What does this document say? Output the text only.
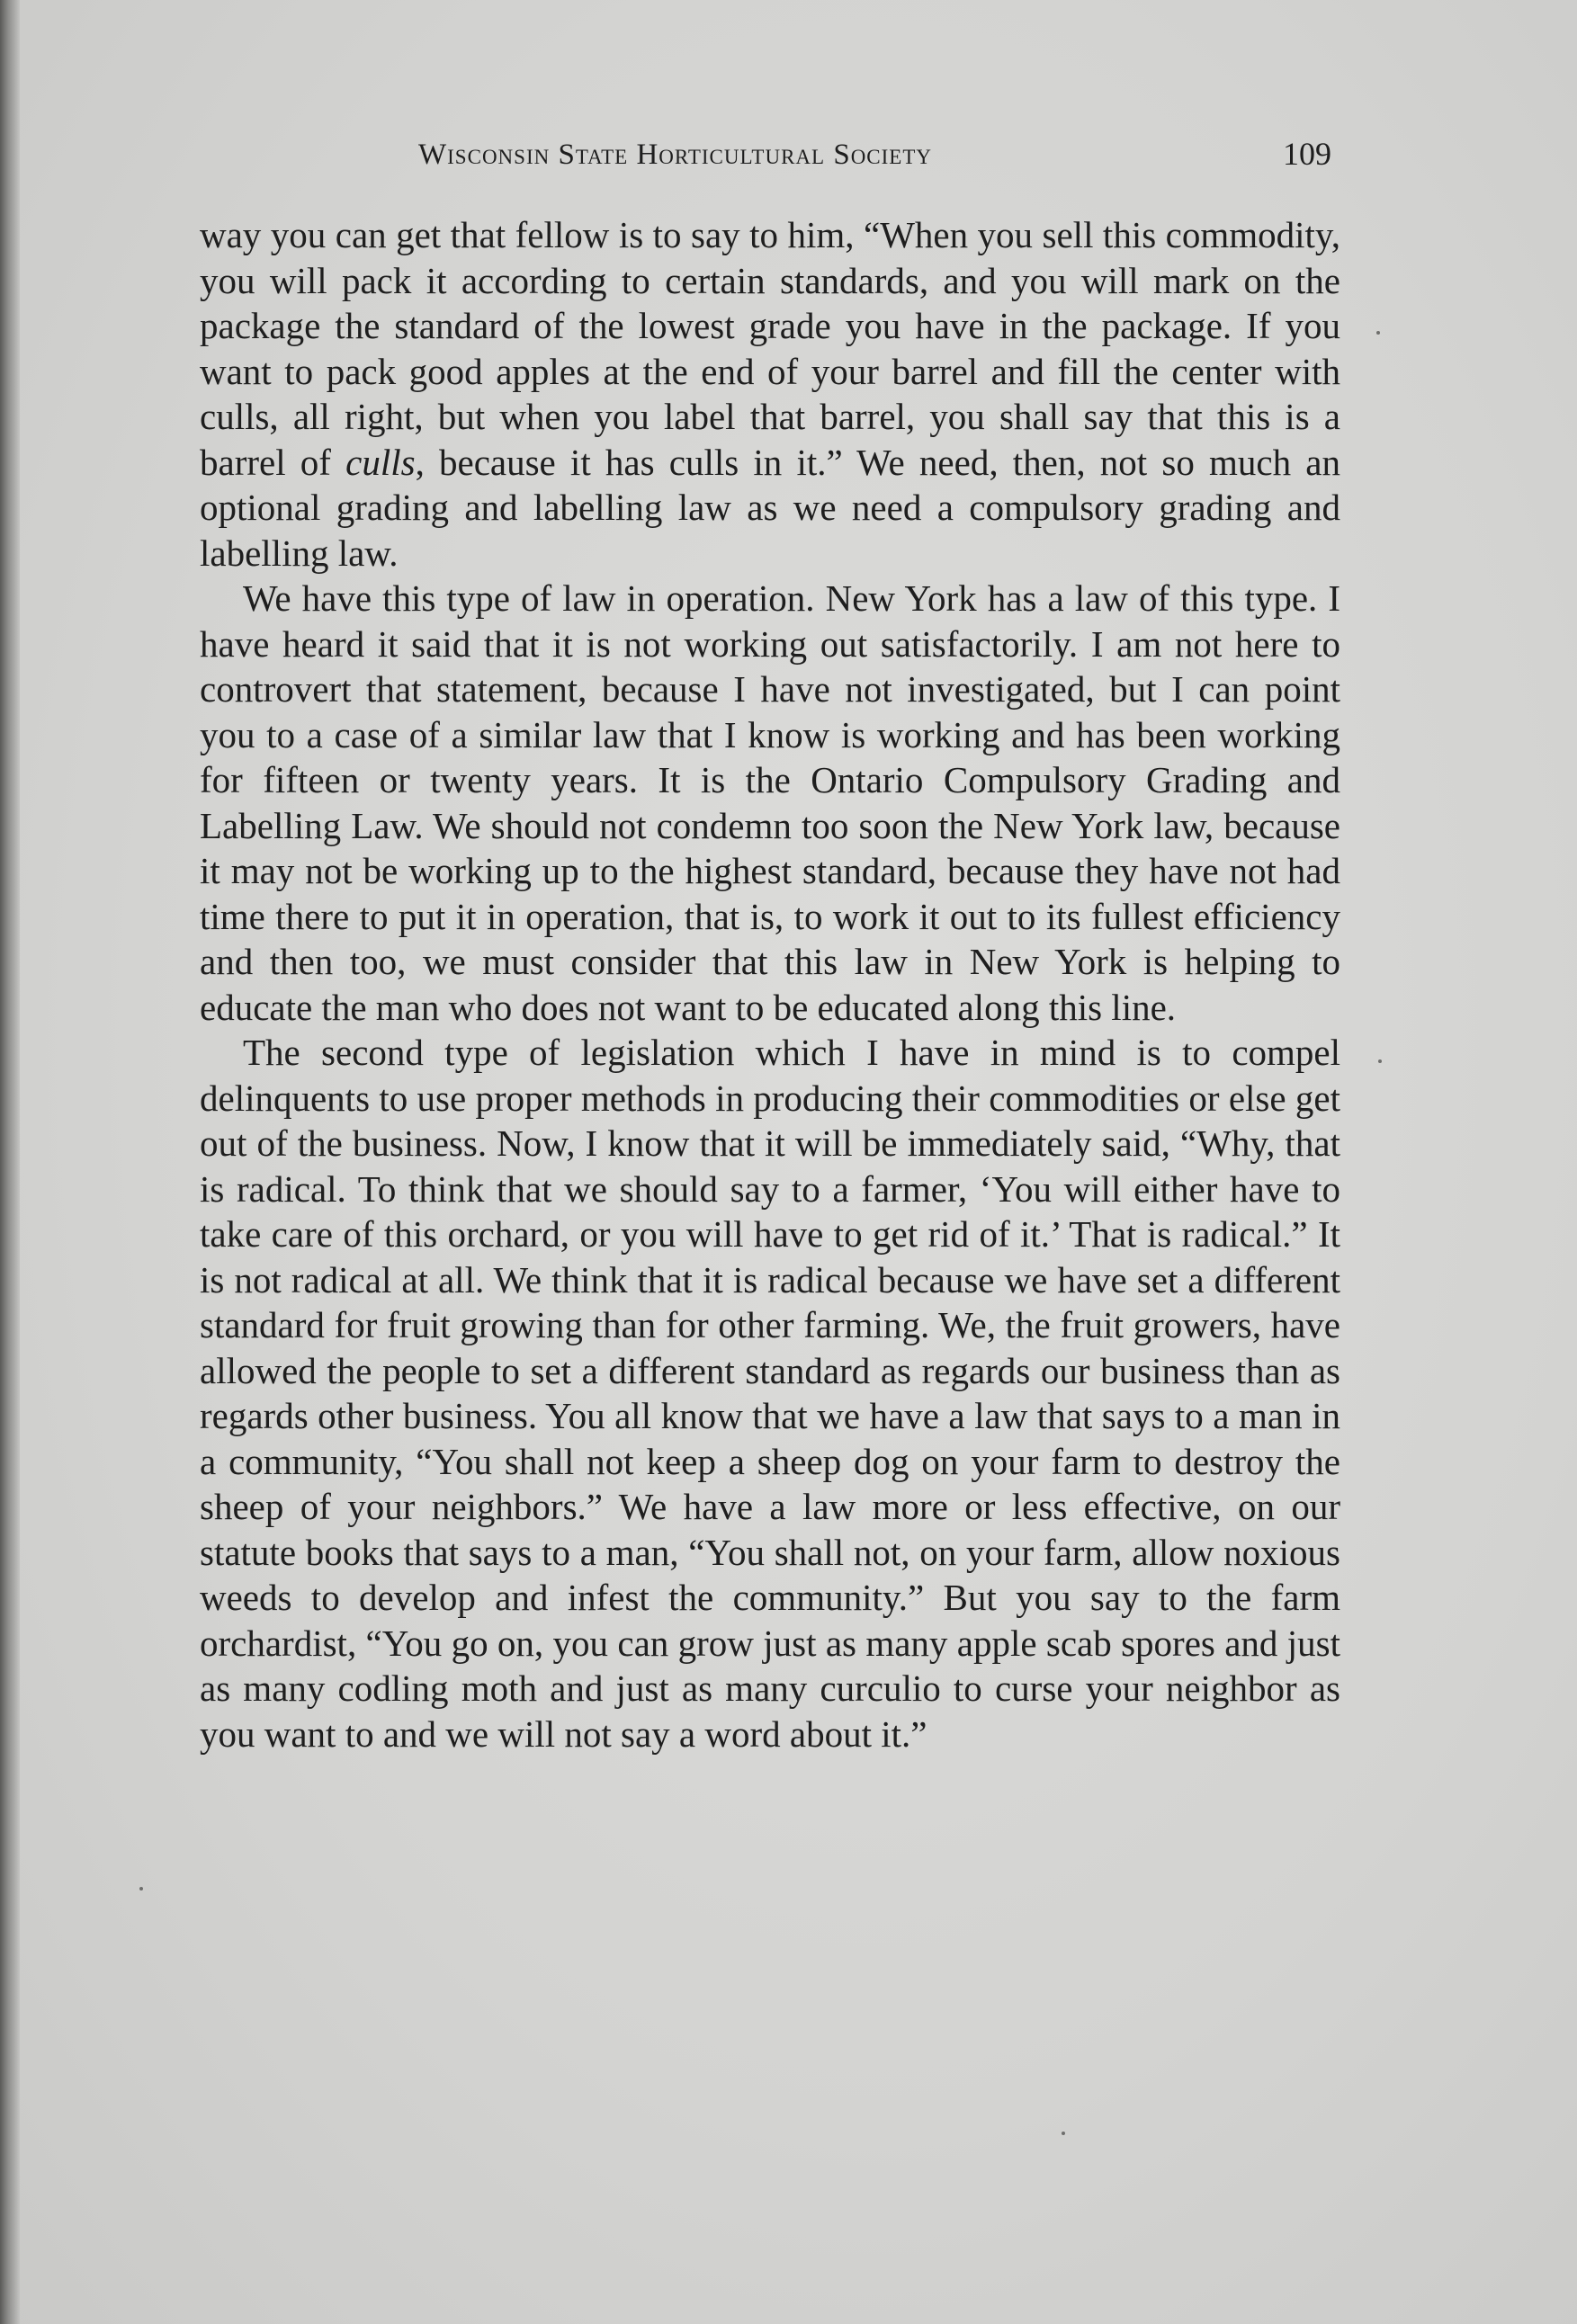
Wisconsin State Horticultural Society	109

way you can get that fellow is to say to him, “When you sell this commodity, you will pack it according to certain standards, and you will mark on the package the standard of the lowest grade you have in the package. If you want to pack good apples at the end of your barrel and fill the center with culls, all right, but when you label that barrel, you shall say that this is a barrel of culls, because it has culls in it.” We need, then, not so much an optional grading and labelling law as we need a compulsory grading and labelling law.

We have this type of law in operation. New York has a law of this type. I have heard it said that it is not working out satisfactorily. I am not here to controvert that statement, because I have not investigated, but I can point you to a case of a similar law that I know is working and has been working for fifteen or twenty years. It is the Ontario Compulsory Grading and Labelling Law. We should not condemn too soon the New York law, because it may not be working up to the highest standard, because they have not had time there to put it in operation, that is, to work it out to its fullest efficiency and then too, we must consider that this law in New York is helping to educate the man who does not want to be educated along this line.

The second type of legislation which I have in mind is to compel delinquents to use proper methods in producing their commodities or else get out of the business. Now, I know that it will be immediately said, “Why, that is radical. To think that we should say to a farmer, ‘You will either have to take care of this orchard, or you will have to get rid of it.’ That is radical.” It is not radical at all. We think that it is radical because we have set a different standard for fruit growing than for other farming. We, the fruit growers, have allowed the people to set a different standard as regards our business than as regards other business. You all know that we have a law that says to a man in a community, “You shall not keep a sheep dog on your farm to destroy the sheep of your neighbors.” We have a law more or less effective, on our statute books that says to a man, “You shall not, on your farm, allow noxious weeds to develop and infest the community.” But you say to the farm orchardist, “You go on, you can grow just as many apple scab spores and just as many codling moth and just as many curculio to curse your neighbor as you want to and we will not say a word about it.”
